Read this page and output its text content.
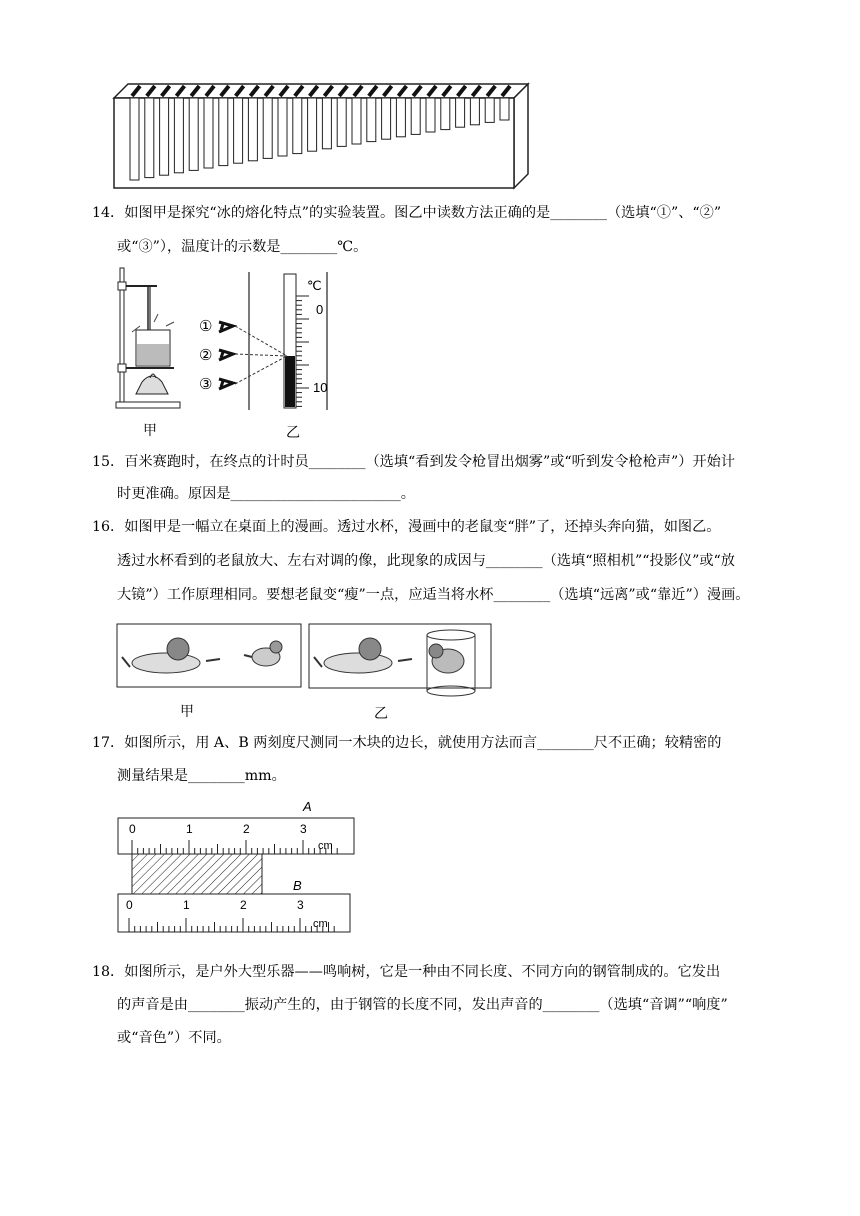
14．如图甲是探究“冰的熔化特点”的实验装置。图乙中读数方法正确的是________（选填“①”、“②”
或“③”），温度计的示数是________℃。
甲
℃
0
10
①
②
③
乙
15．百米赛跑时，在终点的计时员________（选填“看到发令枪冒出烟雾”或“听到发令枪枪声”）开始计
时更准确。原因是________________________。
16．如图甲是一幅立在桌面上的漫画。透过水杯，漫画中的老鼠变“胖”了，还掉头奔向猫，如图乙。
透过水杯看到的老鼠放大、左右对调的像，此现象的成因与________（选填“照相机”“投影仪”或“放
大镜”）工作原理相同。要想老鼠变“瘦”一点，应适当将水杯________（选填“远离”或“靠近”）漫画。
甲	乙
17．如图所示，用 A、B 两刻度尺测同一木块的边长，就使用方法而言________尺不正确；较精密的
测量结果是________mm。
A
0	1	2	3
cm
B
0	1	2	3
cm
18．如图所示，是户外大型乐器——鸣响树，它是一种由不同长度、不同方向的钢管制成的。它发出
的声音是由________振动产生的，由于钢管的长度不同，发出声音的________（选填“音调”“响度”
或“音色”）不同。
